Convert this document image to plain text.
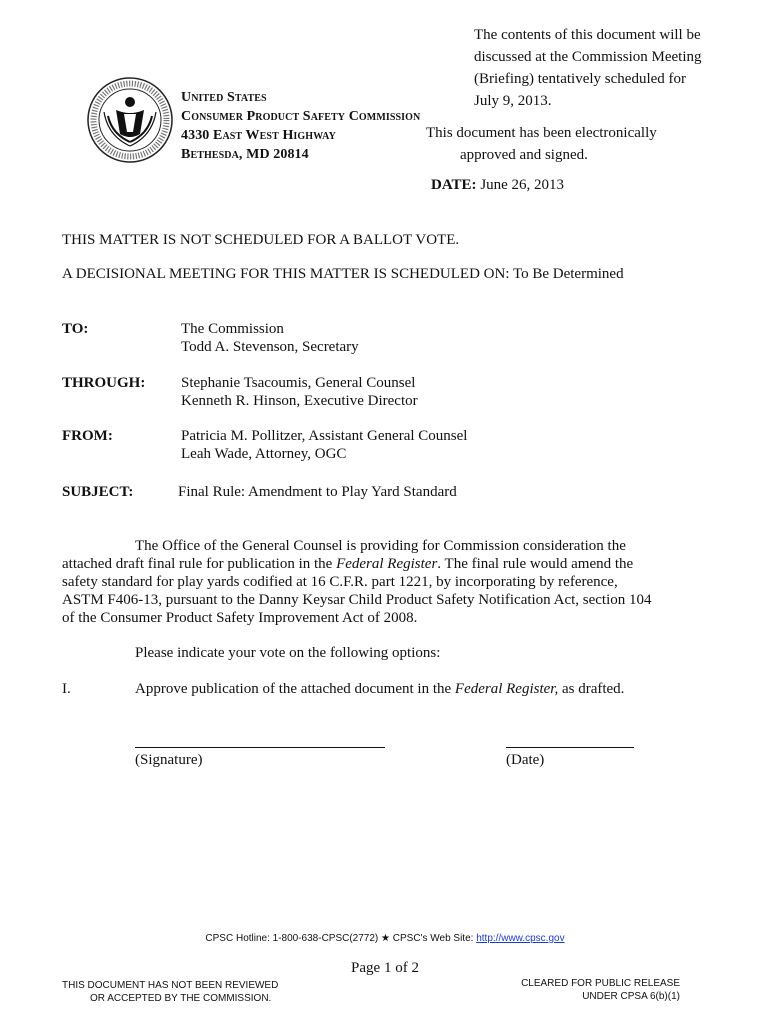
The contents of this document will be
discussed at the Commission Meeting
(Briefing) tentatively scheduled for
July 9, 2013.
United States
Consumer Product Safety Commission
4330 East West Highway
Bethesda, MD 20814
This document has been electronically
approved and signed.
DATE: June 26, 2013
THIS MATTER IS NOT SCHEDULED FOR A BALLOT VOTE.
A DECISIONAL MEETING FOR THIS MATTER IS SCHEDULED ON: To Be Determined
TO:	The Commission
Todd A. Stevenson, Secretary
THROUGH: Stephanie Tsacoumis, General Counsel
Kenneth R. Hinson, Executive Director
FROM:	Patricia M. Pollitzer, Assistant General Counsel
Leah Wade, Attorney, OGC
SUBJECT:	Final Rule: Amendment to Play Yard Standard

The Office of the General Counsel is providing for Commission consideration the attached draft final rule for publication in the Federal Register. The final rule would amend the safety standard for play yards codified at 16 C.F.R. part 1221, by incorporating by reference, ASTM F406-13, pursuant to the Danny Keysar Child Product Safety Notification Act, section 104 of the Consumer Product Safety Improvement Act of 2008.

Please indicate your vote on the following options:
I.	Approve publication of the attached document in the Federal Register, as drafted.
(Signature)	(Date)
CPSC Hotline: 1-800-638-CPSC(2772) ★ CPSC's Web Site: http://www.cpsc.gov
Page 1 of 2
THIS DOCUMENT HAS NOT BEEN REVIEWED
OR ACCEPTED BY THE COMMISSION.
CLEARED FOR PUBLIC RELEASE
UNDER CPSA 6(b)(1)
